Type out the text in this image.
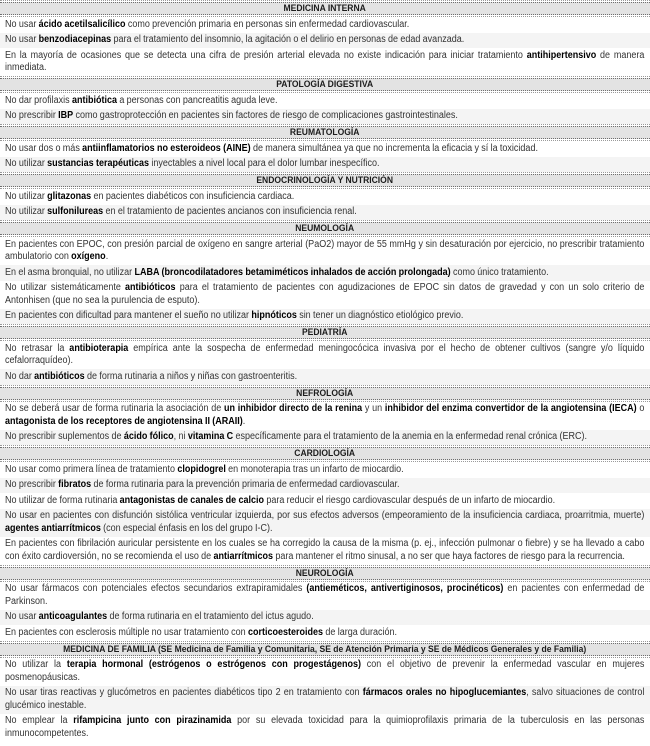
MEDICINA INTERNA
No usar ácido acetilsalicílico como prevención primaria en personas sin enfermedad cardiovascular.
No usar benzodiacepinas para el tratamiento del insomnio, la agitación o el delirio en personas de edad avanzada.
En la mayoría de ocasiones que se detecta una cifra de presión arterial elevada no existe indicación para iniciar tratamiento antihipertensivo de manera inmediata.
PATOLOGÍA DIGESTIVA
No dar profilaxis antibiótica a personas con pancreatitis aguda leve.
No prescribir IBP como gastroprotección en pacientes sin factores de riesgo de complicaciones gastrointestinales.
REUMATOLOGÍA
No usar dos o más antiinflamatorios no esteroideos (AINE) de manera simultánea ya que no incrementa la eficacia y sí la toxicidad.
No utilizar sustancias terapéuticas inyectables a nivel local para el dolor lumbar inespecífico.
ENDOCRINOLOGÍA Y NUTRICIÓN
No utilizar glitazonas en pacientes diabéticos con insuficiencia cardiaca.
No utilizar sulfonilureas en el tratamiento de pacientes ancianos con insuficiencia renal.
NEUMOLOGÍA
En pacientes con EPOC, con presión parcial de oxígeno en sangre arterial (PaO2) mayor de 55 mmHg y sin desaturación por ejercicio, no prescribir tratamiento ambulatorio con oxígeno.
En el asma bronquial, no utilizar LABA (broncodilatadores betamiméticos inhalados de acción prolongada) como único tratamiento.
No utilizar sistemáticamente antibióticos para el tratamiento de pacientes con agudizaciones de EPOC sin datos de gravedad y con un solo criterio de Antonhisen (que no sea la purulencia de esputo).
En pacientes con dificultad para mantener el sueño no utilizar hipnóticos sin tener un diagnóstico etiológico previo.
PEDIATRÍA
No retrasar la antibioterapia empírica ante la sospecha de enfermedad meningocócica invasiva por el hecho de obtener cultivos (sangre y/o líquido cefalorraquídeo).
No dar antibióticos de forma rutinaria a niños y niñas con gastroenteritis.
NEFROLOGÍA
No se deberá usar de forma rutinaria la asociación de un inhibidor directo de la renina y un inhibidor del enzima convertidor de la angiotensina (IECA) o antagonista de los receptores de angiotensina II (ARAII).
No prescribir suplementos de ácido fólico, ni vitamina C específicamente para el tratamiento de la anemia en la enfermedad renal crónica (ERC).
CARDIOLOGÍA
No usar como primera línea de tratamiento clopidogrel en monoterapia tras un infarto de miocardio.
No prescribir fibratos de forma rutinaria para la prevención primaria de enfermedad cardiovascular.
No utilizar de forma rutinaria antagonistas de canales de calcio para reducir el riesgo cardiovascular después de un infarto de miocardio.
No usar en pacientes con disfunción sistólica ventricular izquierda, por sus efectos adversos (empeoramiento de la insuficiencia cardiaca, proarritmia, muerte) agentes antiarrítmicos (con especial énfasis en los del grupo I-C).
En pacientes con fibrilación auricular persistente en los cuales se ha corregido la causa de la misma (p. ej., infección pulmonar o fiebre) y se ha llevado a cabo con éxito cardioversión, no se recomienda el uso de antiarrítmicos para mantener el ritmo sinusal, a no ser que haya factores de riesgo para la recurrencia.
NEUROLOGÍA
No usar fármacos con potenciales efectos secundarios extrapiramidales (antieméticos, antivertiginosos, procinéticos) en pacientes con enfermedad de Parkinson.
No usar anticoagulantes de forma rutinaria en el tratamiento del ictus agudo.
En pacientes con esclerosis múltiple no usar tratamiento con corticoesteroides de larga duración.
MEDICINA DE FAMILIA (SE Medicina de Familia y Comunitaria, SE de Atención Primaria y SE de Médicos Generales y de Familia)
No utilizar la terapia hormonal (estrógenos o estrógenos con progestágenos) con el objetivo de prevenir la enfermedad vascular en mujeres posmenopáusicas.
No usar tiras reactivas y glucómetros en pacientes diabéticos tipo 2 en tratamiento con fármacos orales no hipoglucemiantes, salvo situaciones de control glucémico inestable.
No emplear la rifampicina junto con pirazinamida por su elevada toxicidad para la quimioprofilaxis primaria de la tuberculosis en las personas inmunocompetentes.
